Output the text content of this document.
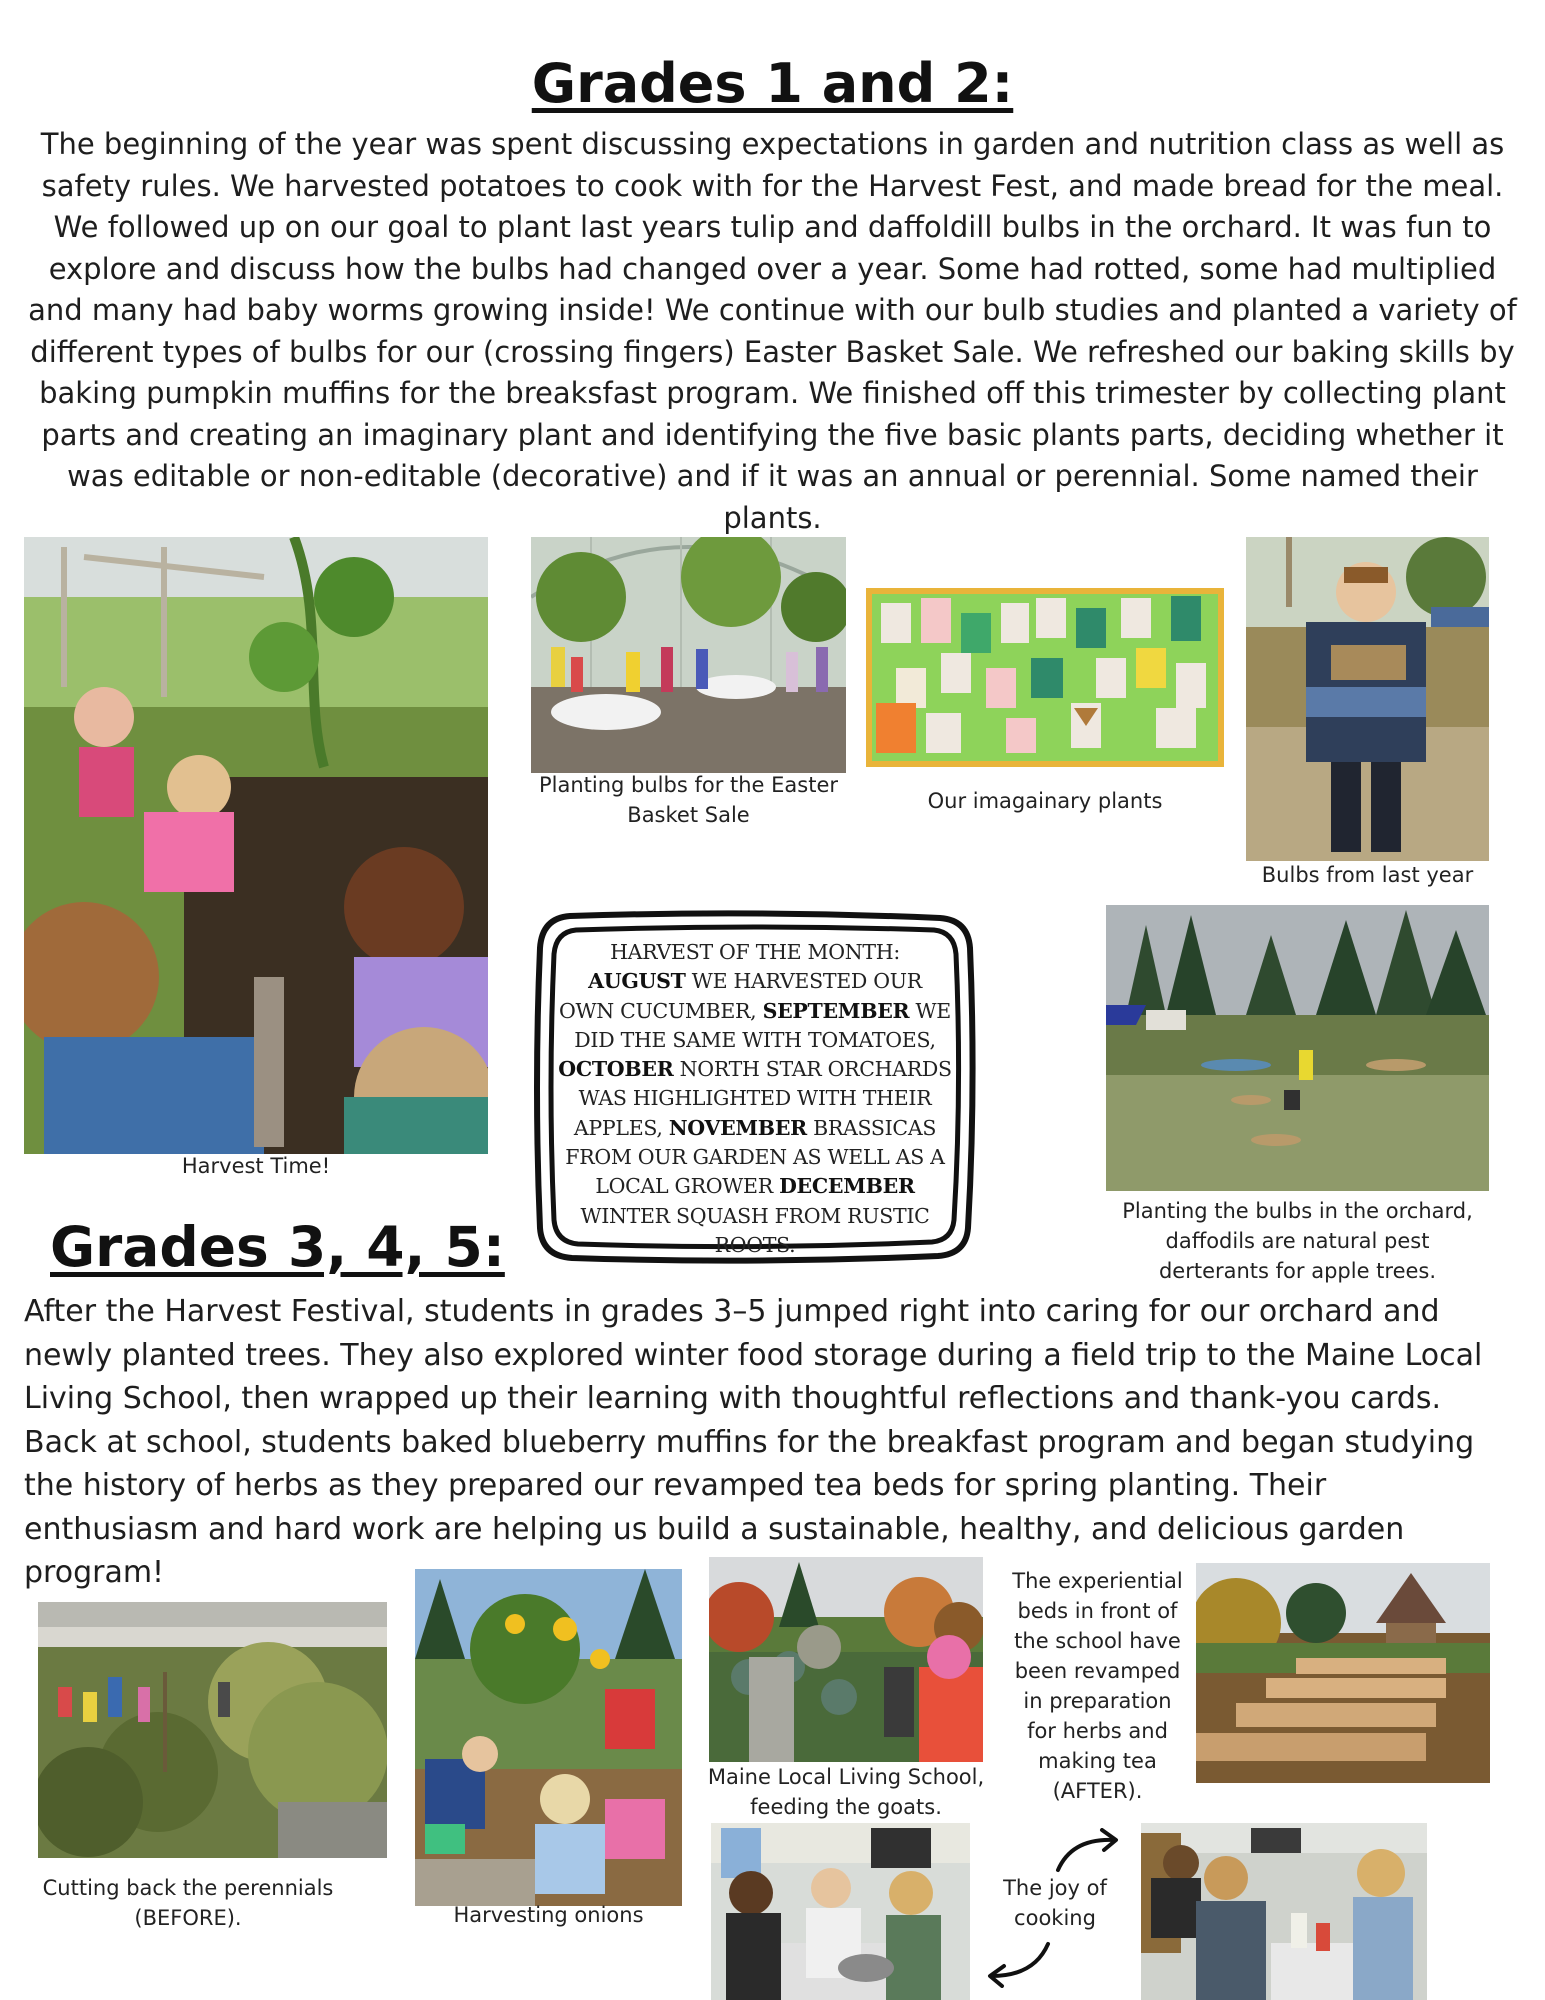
Grades 1 and 2:

The beginning of the year was spent discussing expectations in garden and nutrition class as well as

safety rules. We harvested potatoes to cook with for the Harvest Fest, and made bread for the meal.

We followed up on our goal to plant last years tulip and daffoldill bulbs in the orchard. It was fun to

explore and discuss how the bulbs had changed over a year. Some had rotted, some had multiplied

and many had baby worms growing inside! We continue with our bulb studies and planted a variety of

different types of bulbs for our (crossing fingers) Easter Basket Sale. We refreshed our baking skills by

baking pumpkin muffins for the breaksfast program. We finished off this trimester by collecting plant

parts and creating an imaginary plant and identifying the five basic plants parts, deciding whether it

was editable or non-editable (decorative) and if it was an annual or perennial. Some named their

plants.

Harvest Time!

Planting bulbs for the Easter

Basket Sale

Our imagainary plants

Bulbs from last year

HARVEST OF THE MONTH:
AUGUST WE HARVESTED OUR OWN CUCUMBER, SEPTEMBER WE DID THE SAME WITH TOMATOES, OCTOBER NORTH STAR ORCHARDS WAS HIGHLIGHTED WITH THEIR APPLES, NOVEMBER BRASSICAS FROM OUR GARDEN AS WELL AS A LOCAL GROWER DECEMBER WINTER SQUASH FROM RUSTIC ROOTS.

Planting the bulbs in the orchard,

daffodils are natural pest

derterants for apple trees.

Grades 3, 4, 5:

After the Harvest Festival, students in grades 3–5 jumped right into caring for our orchard and

newly planted trees. They also explored winter food storage during a field trip to the Maine Local

Living School, then wrapped up their learning with thoughtful reflections and thank-you cards.

Back at school, students baked blueberry muffins for the breakfast program and began studying

the history of herbs as they prepared our revamped tea beds for spring planting. Their

enthusiasm and hard work are helping us build a sustainable, healthy, and delicious garden

program!

Cutting back the perennials

(BEFORE).	Harvesting onions

Maine Local Living School,

feeding the goats.

The experiential

beds in front of

the school have

been revamped

in preparation

for herbs and

making tea

(AFTER).

The joy of

cooking
